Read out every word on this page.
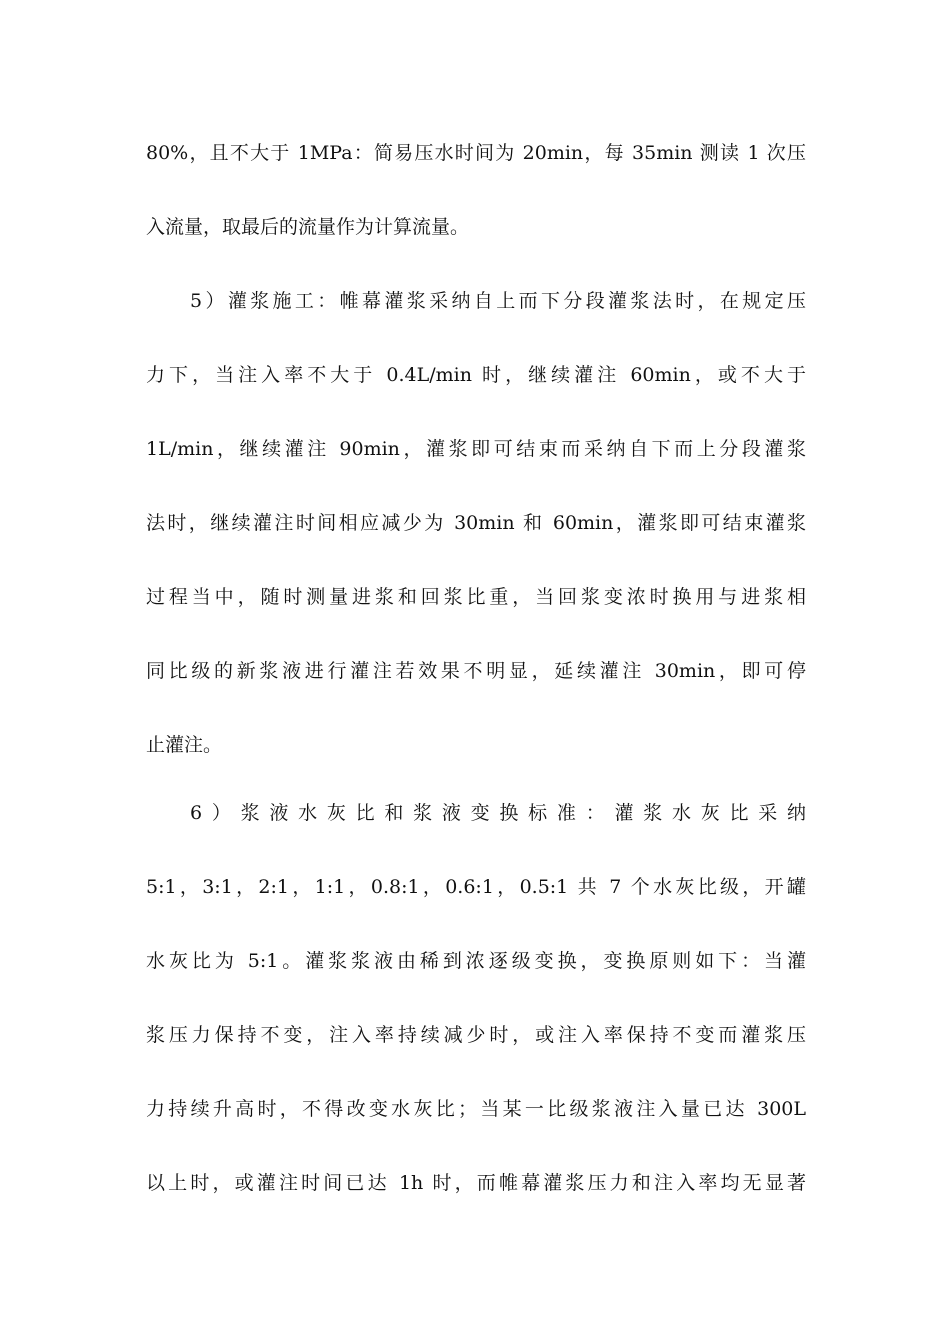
80%，且不大于 1MPa：简易压水时间为 20min，每 35min 测读 1 次压
入流量，取最后的流量作为计算流量。
5）灌浆施工：帷幕灌浆采纳自上而下分段灌浆法时，在规定压
力下，当注入率不大于 0.4L/min 时，继续灌注 60min，或不大于
1L/min，继续灌注 90min，灌浆即可结束而采纳自下而上分段灌浆
法时，继续灌注时间相应减少为 30min 和 60min，灌浆即可结束灌浆
过程当中，随时测量进浆和回浆比重，当回浆变浓时换用与进浆相
同比级的新浆液进行灌注若效果不明显，延续灌注 30min，即可停
止灌注。
6）浆液水灰比和浆液变换标准：灌浆水灰比采纳
5:1，3:1，2:1，1:1，0.8:1，0.6:1，0.5:1 共 7 个水灰比级，开罐
水灰比为 5:1。灌浆浆液由稀到浓逐级变换，变换原则如下：当灌
浆压力保持不变，注入率持续减少时，或注入率保持不变而灌浆压
力持续升高时，不得改变水灰比；当某一比级浆液注入量已达 300L
以上时，或灌注时间已达 1h 时，而帷幕灌浆压力和注入率均无显著
